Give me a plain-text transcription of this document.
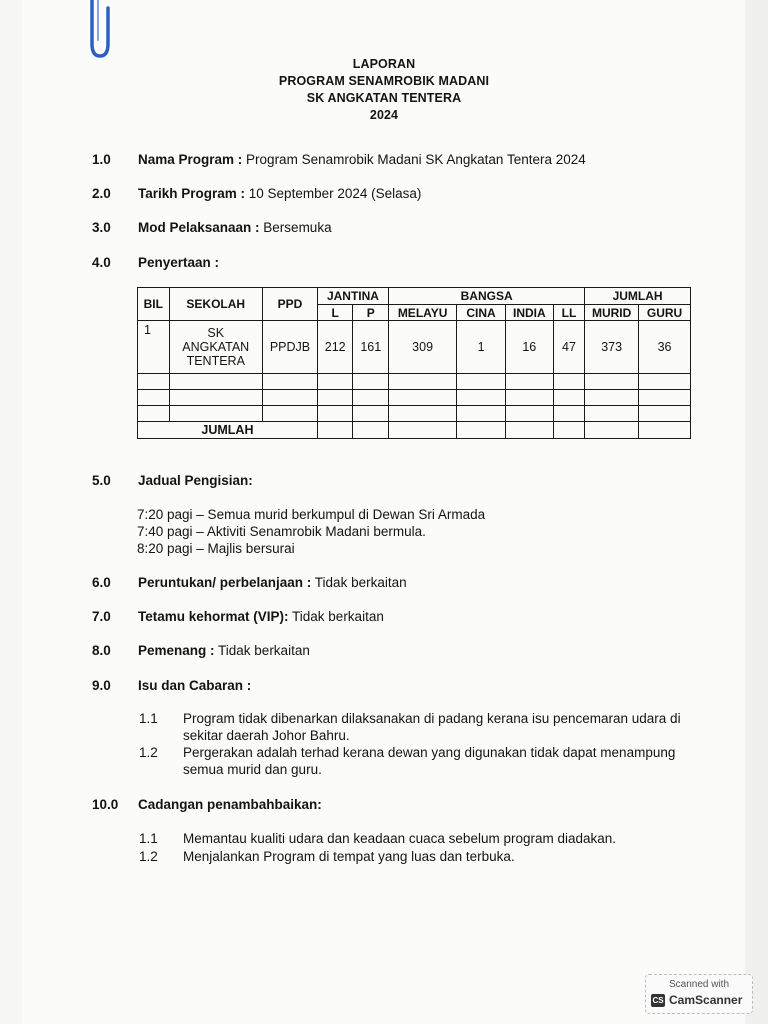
LAPORAN
PROGRAM SENAMROBIK MADANI
SK ANGKATAN TENTERA
2024
1.0 Nama Program : Program Senamrobik Madani SK Angkatan Tentera 2024
2.0 Tarikh Program : 10 September 2024 (Selasa)
3.0 Mod Pelaksanaan : Bersemuka
4.0 Penyertaan :
BIL	SEKOLAH	PPD	JANTINA		BANGSA				JUMLAH	
			L	P	MELAYU	CINA	INDIA	LL	MURID	GURU
1	SK ANGKATAN TENTERA	PPDJB	212	161	309	1	16	47	373	36

JUMLAH										
5.0 Jadual Pengisian:
7:20 pagi – Semua murid berkumpul di Dewan Sri Armada
7:40 pagi – Aktiviti Senamrobik Madani bermula.
8:20 pagi – Majlis bersurai
6.0 Peruntukan/ perbelanjaan : Tidak berkaitan
7.0 Tetamu kehormat (VIP): Tidak berkaitan
8.0 Pemenang : Tidak berkaitan
9.0 Isu dan Cabaran :
1.1 Program tidak dibenarkan dilaksanakan di padang kerana isu pencemaran udara di sekitar daerah Johor Bahru.
1.2 Pergerakan adalah terhad kerana dewan yang digunakan tidak dapat menampung semua murid dan guru.
10.0 Cadangan penambahbaikan:
1.1 Memantau kualiti udara dan keadaan cuaca sebelum program diadakan.
1.2 Menjalankan Program di tempat yang luas dan terbuka.
Scanned with
CS CamScanner
